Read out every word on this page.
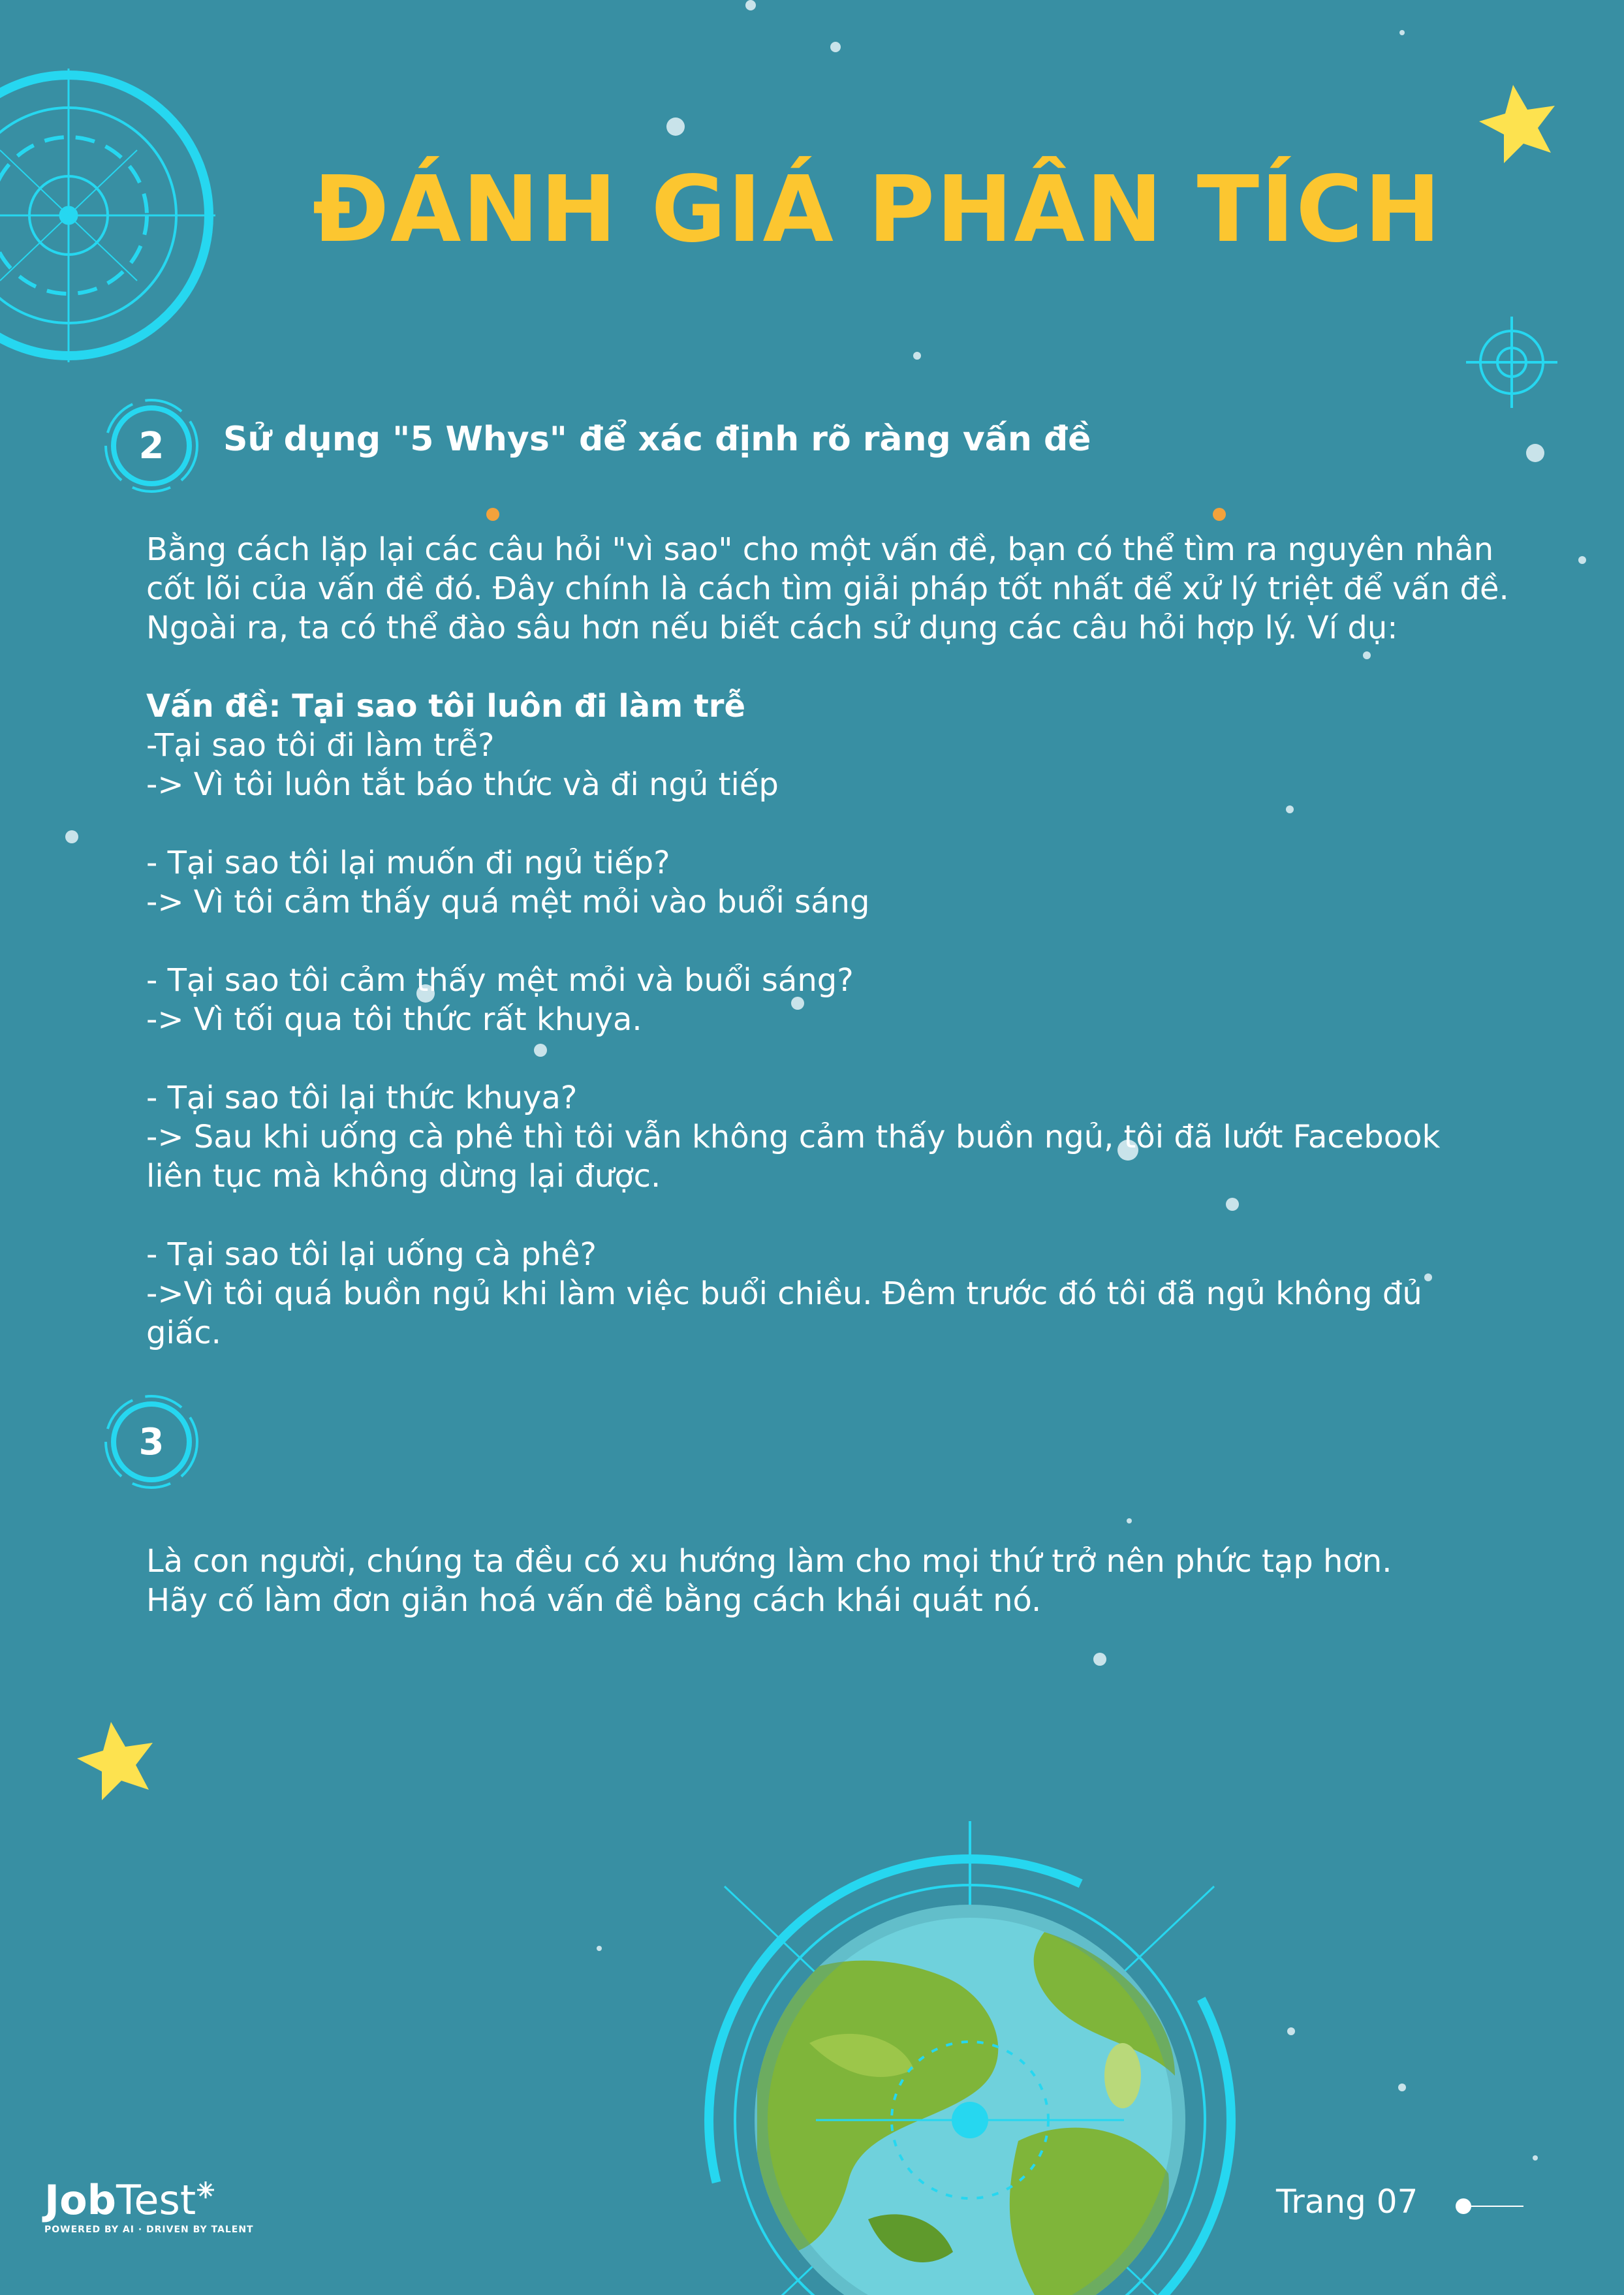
ĐÁNH GIÁ PHÂN TÍCH
2	Sử dụng "5 Whys" để xác định rõ ràng vấn đề

Bằng cách lặp lại các câu hỏi "vì sao" cho một vấn đề, bạn có thể tìm ra nguyên nhân

cốt lõi của vấn đề đó. Đây chính là cách tìm giải pháp tốt nhất để xử lý triệt để vấn đề.

Ngoài ra, ta có thể đào sâu hơn nếu biết cách sử dụng các câu hỏi hợp lý. Ví dụ:

Vấn đề: Tại sao tôi luôn đi làm trễ

-Tại sao tôi đi làm trễ?

-> Vì tôi luôn tắt báo thức và đi ngủ tiếp

- Tại sao tôi lại muốn đi ngủ tiếp?

-> Vì tôi cảm thấy quá mệt mỏi vào buổi sáng

- Tại sao tôi cảm thấy mệt mỏi và buổi sáng?

-> Vì tối qua tôi thức rất khuya.

- Tại sao tôi lại thức khuya?

-> Sau khi uống cà phê thì tôi vẫn không cảm thấy buồn ngủ, tôi đã lướt Facebook

liên tục mà không dừng lại được.

- Tại sao tôi lại uống cà phê?

->Vì tôi quá buồn ngủ khi làm việc buổi chiều. Đêm trước đó tôi đã ngủ không đủ

giấc.

3

Là con người, chúng ta đều có xu hướng làm cho mọi thứ trở nên phức tạp hơn.

Hãy cố làm đơn giản hoá vấn đề bằng cách khái quát nó.

JobTest
POWERED BY AI · DRIVEN BY TALENT
Trang 07
